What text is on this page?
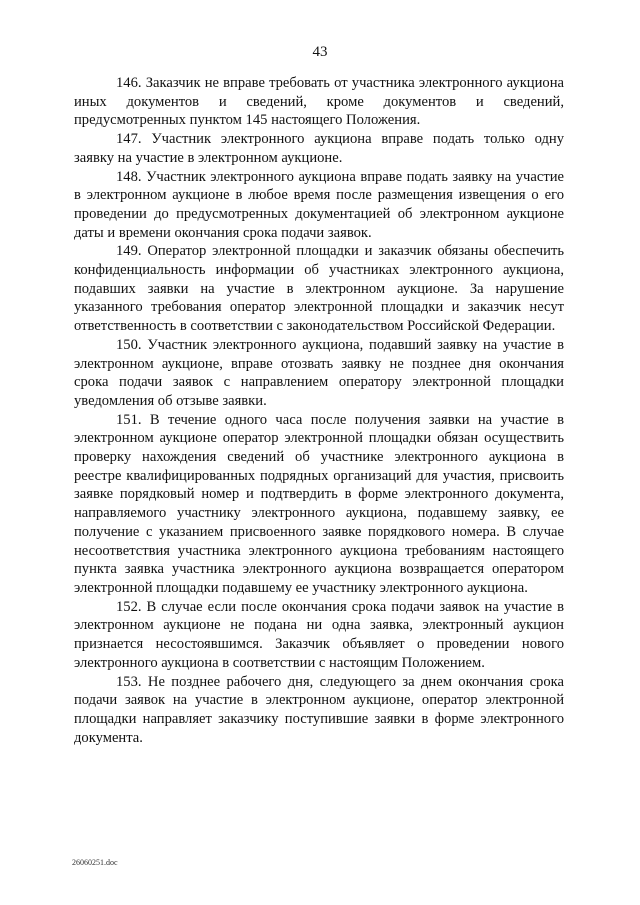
43

146. Заказчик не вправе требовать от участника электронного аукциона иных документов и сведений, кроме документов и сведений, предусмотренных пунктом 145 настоящего Положения.

147. Участник электронного аукциона вправе подать только одну заявку на участие в электронном аукционе.

148. Участник электронного аукциона вправе подать заявку на участие в электронном аукционе в любое время после размещения извещения о его проведении до предусмотренных документацией об электронном аукционе даты и времени окончания срока подачи заявок.

149. Оператор электронной площадки и заказчик обязаны обеспечить конфиденциальность информации об участниках электронного аукциона, подавших заявки на участие в электронном аукционе. За нарушение указанного требования оператор электронной площадки и заказчик несут ответственность в соответствии с законодательством Российской Федерации.

150. Участник электронного аукциона, подавший заявку на участие в электронном аукционе, вправе отозвать заявку не позднее дня окончания срока подачи заявок с направлением оператору электронной площадки уведомления об отзыве заявки.

151. В течение одного часа после получения заявки на участие в электронном аукционе оператор электронной площадки обязан осуществить проверку нахождения сведений об участнике электронного аукциона в реестре квалифицированных подрядных организаций для участия, присвоить заявке порядковый номер и подтвердить в форме электронного документа, направляемого участнику электронного аукциона, подавшему заявку, ее получение с указанием присвоенного заявке порядкового номера. В случае несоответствия участника электронного аукциона требованиям настоящего пункта заявка участника электронного аукциона возвращается оператором электронной площадки подавшему ее участнику электронного аукциона.

152. В случае если после окончания срока подачи заявок на участие в электронном аукционе не подана ни одна заявка, электронный аукцион признается несостоявшимся. Заказчик объявляет о проведении нового электронного аукциона в соответствии с настоящим Положением.

153. Не позднее рабочего дня, следующего за днем окончания срока подачи заявок на участие в электронном аукционе, оператор электронной площадки направляет заказчику поступившие заявки в форме электронного документа.

26060251.doc
